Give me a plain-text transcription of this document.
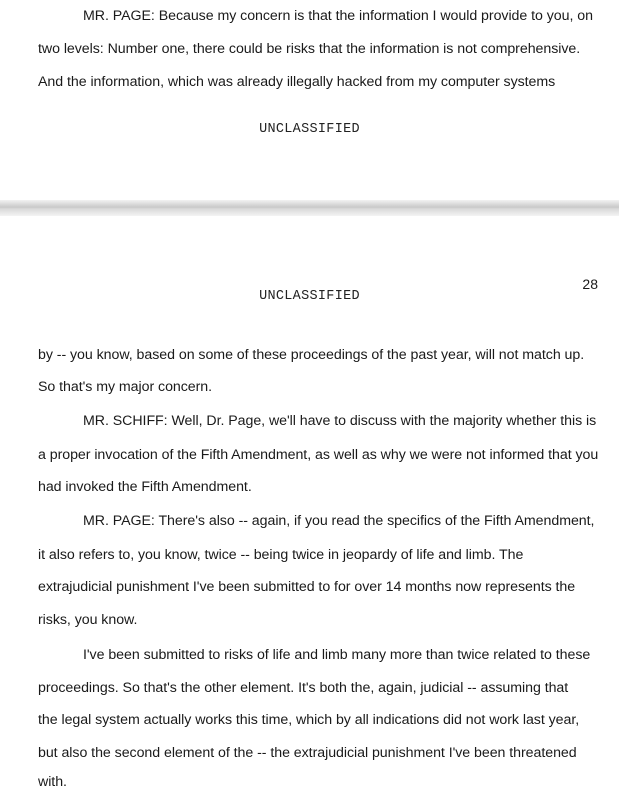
MR. PAGE: Because my concern is that the information I would provide to you, on
two levels: Number one, there could be risks that the information is not comprehensive.
And the information, which was already illegally hacked from my computer systems
UNCLASSIFIED
28
UNCLASSIFIED
by -- you know, based on some of these proceedings of the past year, will not match up.
So that's my major concern.
MR. SCHIFF: Well, Dr. Page, we'll have to discuss with the majority whether this is
a proper invocation of the Fifth Amendment, as well as why we were not informed that you
had invoked the Fifth Amendment.
MR. PAGE: There's also -- again, if you read the specifics of the Fifth Amendment,
it also refers to, you know, twice -- being twice in jeopardy of life and limb. The
extrajudicial punishment I've been submitted to for over 14 months now represents the
risks, you know.
I've been submitted to risks of life and limb many more than twice related to these
proceedings. So that's the other element. It's both the, again, judicial -- assuming that
the legal system actually works this time, which by all indications did not work last year,
but also the second element of the -- the extrajudicial punishment I've been threatened
with.
